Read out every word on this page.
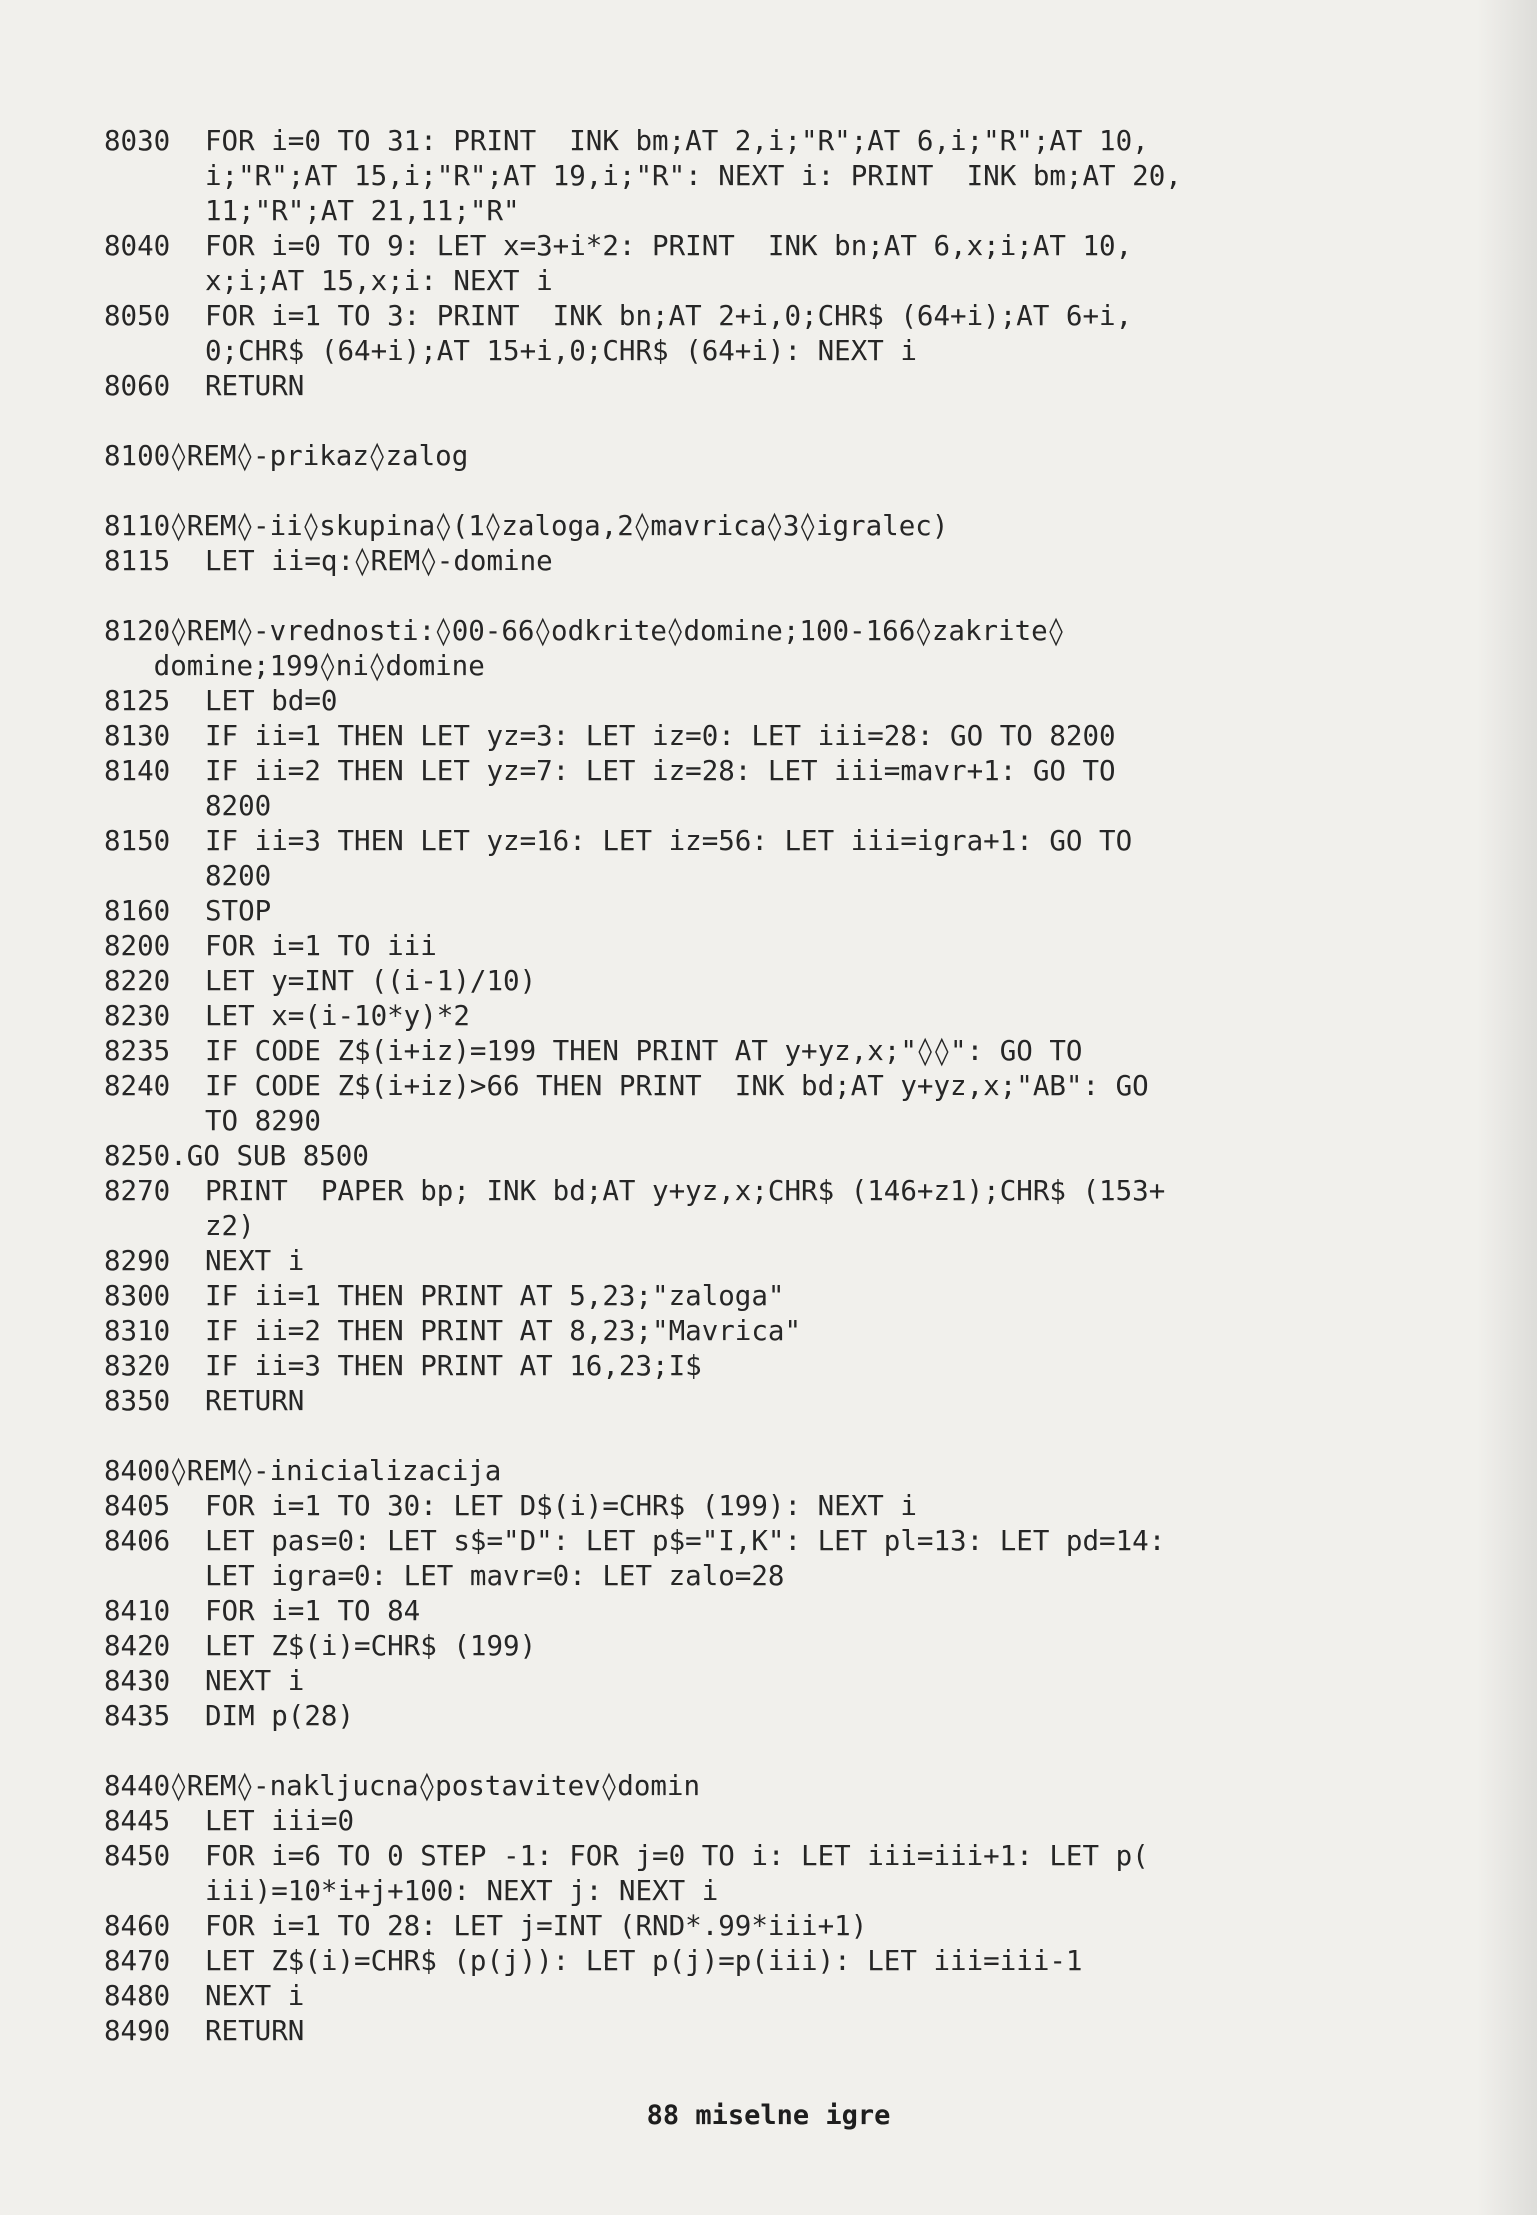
8030	FOR i=0 TO 31: PRINT  INK bm;AT 2,i;"R";AT 6,i;"R";AT 10,
i;"R";AT 15,i;"R";AT 19,i;"R": NEXT i: PRINT  INK bm;AT 20,
11;"R";AT 21,11;"R"
8040	FOR i=0 TO 9: LET x=3+i*2: PRINT  INK bn;AT 6,x;i;AT 10,
x;i;AT 15,x;i: NEXT i
8050	FOR i=1 TO 3: PRINT  INK bn;AT 2+i,0;CHR$ (64+i);AT 6+i,
0;CHR$ (64+i);AT 15+i,0;CHR$ (64+i): NEXT i
8060	RETURN
8100◊REM◊-prikaz◊zalog
8110◊REM◊-ii◊skupina◊(1◊zaloga,2◊mavrica◊3◊igralec)
8115	LET ii=q:◊REM◊-domine
8120◊REM◊-vrednosti:◊00-66◊odkrite◊domine;100-166◊zakrite◊
domine;199◊ni◊domine
8125	LET bd=0
8130	IF ii=1 THEN LET yz=3: LET iz=0: LET iii=28: GO TO 8200
8140	IF ii=2 THEN LET yz=7: LET iz=28: LET iii=mavr+1: GO TO
8200
8150	IF ii=3 THEN LET yz=16: LET iz=56: LET iii=igra+1: GO TO
8200
8160	STOP
8200	FOR i=1 TO iii
8220	LET y=INT ((i-1)/10)
8230	LET x=(i-10*y)*2
8235	IF CODE Z$(i+iz)=199 THEN PRINT AT y+yz,x;"◊◊": GO TO
8240	IF CODE Z$(i+iz)>66 THEN PRINT  INK bd;AT y+yz,x;"AB": GO
TO 8290
8250.GO SUB 8500
8270	PRINT  PAPER bp; INK bd;AT y+yz,x;CHR$ (146+z1);CHR$ (153+
z2)
8290	NEXT i
8300	IF ii=1 THEN PRINT AT 5,23;"zaloga"
8310	IF ii=2 THEN PRINT AT 8,23;"Mavrica"
8320	IF ii=3 THEN PRINT AT 16,23;I$
8350	RETURN
8400◊REM◊-inicializacija
8405	FOR i=1 TO 30: LET D$(i)=CHR$ (199): NEXT i
8406	LET pas=0: LET s$="D": LET p$="I,K": LET pl=13: LET pd=14:
LET igra=0: LET mavr=0: LET zalo=28
8410	FOR i=1 TO 84
8420	LET Z$(i)=CHR$ (199)
8430	NEXT i
8435	DIM p(28)
8440◊REM◊-nakljucna◊postavitev◊domin
8445	LET iii=0
8450	FOR i=6 TO 0 STEP -1: FOR j=0 TO i: LET iii=iii+1: LET p(
iii)=10*i+j+100: NEXT j: NEXT i
8460	FOR i=1 TO 28: LET j=INT (RND*.99*iii+1)
8470	LET Z$(i)=CHR$ (p(j)): LET p(j)=p(iii): LET iii=iii-1
8480	NEXT i
8490	RETURN
88 miselne igre
